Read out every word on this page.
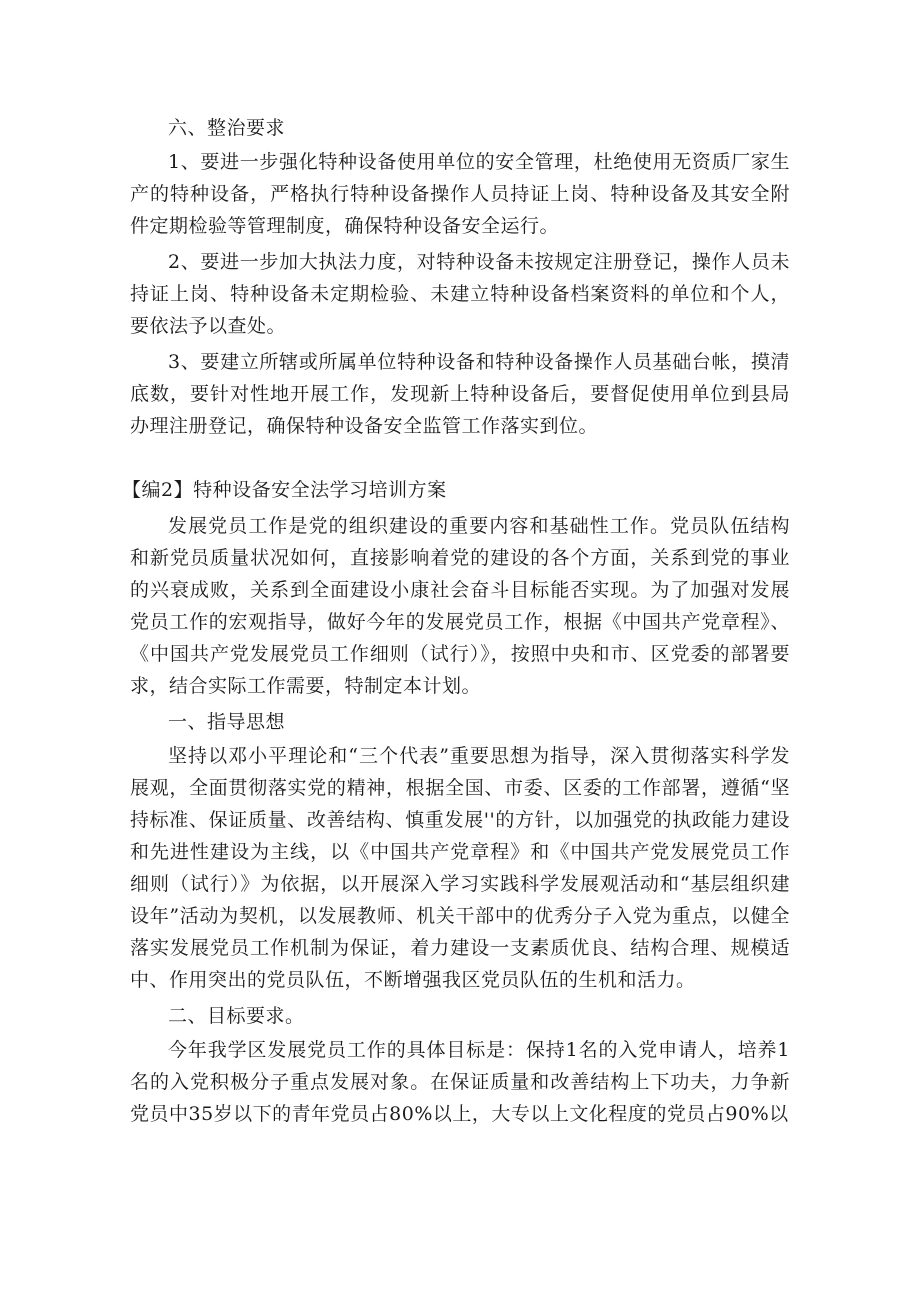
六、整治要求

1、要进一步强化特种设备使用单位的安全管理，杜绝使用无资质厂家生产的特种设备，严格执行特种设备操作人员持证上岗、特种设备及其安全附件定期检验等管理制度，确保特种设备安全运行。

2、要进一步加大执法力度，对特种设备未按规定注册登记，操作人员未持证上岗、特种设备未定期检验、未建立特种设备档案资料的单位和个人，要依法予以查处。

3、要建立所辖或所属单位特种设备和特种设备操作人员基础台帐，摸清底数，要针对性地开展工作，发现新上特种设备后，要督促使用单位到县局办理注册登记，确保特种设备安全监管工作落实到位。

【编2】特种设备安全法学习培训方案

发展党员工作是党的组织建设的重要内容和基础性工作。党员队伍结构和新党员质量状况如何，直接影响着党的建设的各个方面，关系到党的事业的兴衰成败，关系到全面建设小康社会奋斗目标能否实现。为了加强对发展党员工作的宏观指导，做好今年的发展党员工作，根据《中国共产党章程》、《中国共产党发展党员工作细则（试行）》，按照中央和市、区党委的部署要求，结合实际工作需要，特制定本计划。

一、指导思想

坚持以邓小平理论和“三个代表”重要思想为指导，深入贯彻落实科学发展观，全面贯彻落实党的精神，根据全国、市委、区委的工作部署，遵循“坚持标准、保证质量、改善结构、慎重发展''的方针，以加强党的执政能力建设和先进性建设为主线，以《中国共产党章程》和《中国共产党发展党员工作细则（试行）》为依据，以开展深入学习实践科学发展观活动和“基层组织建设年”活动为契机，以发展教师、机关干部中的优秀分子入党为重点，以健全落实发展党员工作机制为保证，着力建设一支素质优良、结构合理、规模适中、作用突出的党员队伍，不断增强我区党员队伍的生机和活力。

二、目标要求。

今年我学区发展党员工作的具体目标是：保持1名的入党申请人，培养1名的入党积极分子重点发展对象。在保证质量和改善结构上下功夫，力争新党员中35岁以下的青年党员占80%以上，大专以上文化程度的党员占90%以
